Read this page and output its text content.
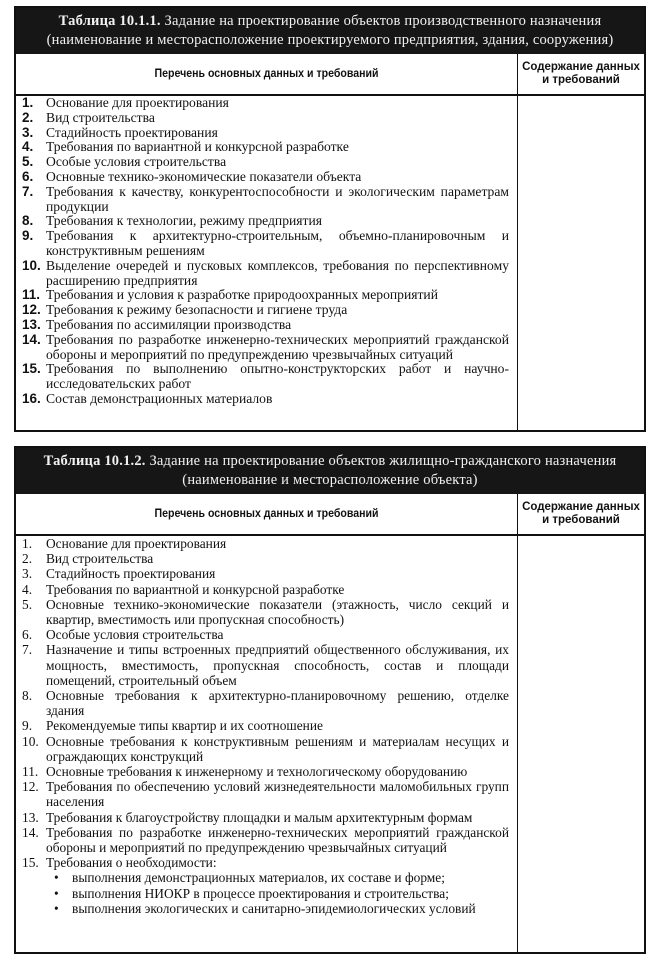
Таблица 10.1.1. Задание на проектирование объектов производственного назначения (наименование и месторасположение проектируемого предприятия, здания, сооружения)
Перечень основных данных и требований
Содержание данных и требований
1. Основание для проектирования
2. Вид строительства
3. Стадийность проектирования
4. Требования по вариантной и конкурсной разработке
5. Особые условия строительства
6. Основные технико-экономические показатели объекта
7. Требования к качеству, конкурентоспособности и экологическим параметрам продукции
8. Требования к технологии, режиму предприятия
9. Требования к архитектурно-строительным, объемно-планировочным и конструктивным решениям
10. Выделение очередей и пусковых комплексов, требования по перспективному расширению предприятия
11. Требования и условия к разработке природоохранных мероприятий
12. Требования к режиму безопасности и гигиене труда
13. Требования по ассимиляции производства
14. Требования по разработке инженерно-технических мероприятий гражданской обороны и мероприятий по предупреждению чрезвычайных ситуаций
15. Требования по выполнению опытно-конструкторских работ и научно-исследовательских работ
16. Состав демонстрационных материалов
Таблица 10.1.2. Задание на проектирование объектов жилищно-гражданского назначения (наименование и месторасположение объекта)
Перечень основных данных и требований
Содержание данных и требований
1.	Основание для проектирования
2.	Вид строительства
3.	Стадийность проектирования
4.	Требования по вариантной и конкурсной разработке
5.	Основные технико-экономические показатели (этажность, число секций и квартир, вместимость или пропускная способность)
6.	Особые условия строительства
7.	Назначение и типы встроенных предприятий общественного обслуживания, их мощность, вместимость, пропускная способность, состав и площади помещений, строительный объем
8.	Основные требования к архитектурно-планировочному решению, отделке здания
9.	Рекомендуемые типы квартир и их соотношение
10. Основные требования к конструктивным решениям и материалам несущих и ограждающих конструкций
11. Основные требования к инженерному и технологическому оборудованию
12. Требования по обеспечению условий жизнедеятельности маломобильных групп населения
13. Требования к благоустройству площадки и малым архитектурным формам
14. Требования по разработке инженерно-технических мероприятий гражданской обороны и мероприятий по предупреждению чрезвычайных ситуаций
15. Требования о необходимости:
• выполнения демонстрационных материалов, их составе и форме;
• выполнения НИОКР в процессе проектирования и строительства;
• выполнения экологических и санитарно-эпидемиологических условий
